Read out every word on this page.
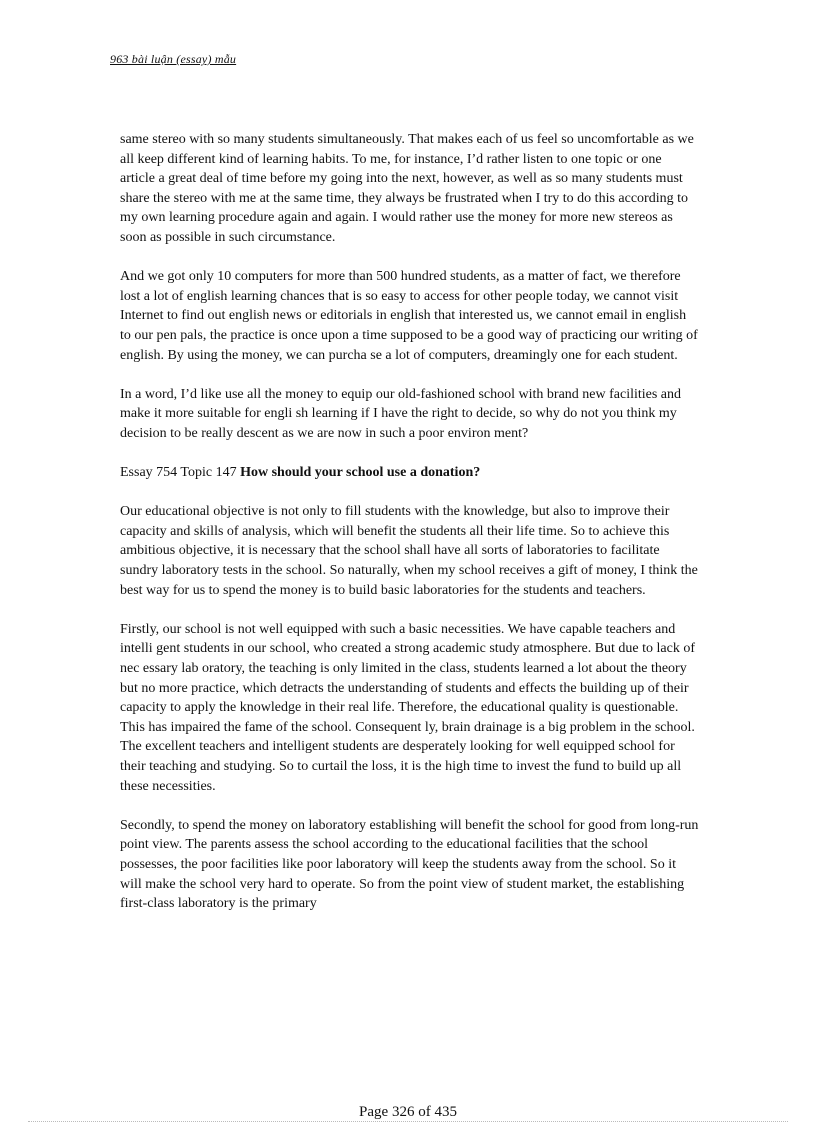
963 bài luận (essay) mẫu

same stereo with so many students simultaneously. That makes each of us feel so uncomfortable as we all keep different kind of learning habits. To me, for instance, I’d rather listen to one topic or one article a great deal of time before my going into the next, however, as well as so many students must share the stereo with me at the same time, they always be frustrated when I try to do this according to my own learning procedure again and again. I would rather use the money for more new stereos as soon as possible in such circumstance.

And we got only 10 computers for more than 500 hundred students, as a matter of fact, we therefore lost a lot of english learning chances that is so easy to access for other people today, we cannot visit Internet to find out english news or editorials in english that interested us, we cannot email in english to our pen pals, the practice is once upon a time supposed to be a good way of practicing our writing of english. By using the money, we can purcha se a lot of computers, dreamingly one for each student.

In a word, I’d like use all the money to equip our old-fashioned school with brand new facilities and make it more suitable for engli sh learning if I have the right to decide, so why do not you think my decision to be really descent as we are now in such a poor environ ment?

Essay 754 Topic 147 How should your school use a donation?

Our educational objective is not only to fill students with the knowledge, but also to improve their capacity and skills of analysis, which will benefit the students all their life time. So to achieve this ambitious objective, it is necessary that the school shall have all sorts of laboratories to facilitate sundry laboratory tests in the school. So naturally, when my school receives a gift of money, I think the best way for us to spend the money is to build basic laboratories for the students and teachers.

Firstly, our school is not well equipped with such a basic necessities. We have capable teachers and intelli gent students in our school, who created a strong academic study atmosphere. But due to lack of nec essary lab oratory, the teaching is only limited in the class, students learned a lot about the theory but no more practice, which detracts the understanding of students and effects the building up of their capacity to apply the knowledge in their real life. Therefore, the educational quality is questionable. This has impaired the fame of the school. Consequent ly, brain drainage is a big problem in the school. The excellent teachers and intelligent students are desperately looking for well equipped school for their teaching and studying. So to curtail the loss, it is the high time to invest the fund to build up all these necessities.

Secondly, to spend the money on laboratory establishing will benefit the school for good from long-run point view. The parents assess the school according to the educational facilities that the school possesses, the poor facilities like poor laboratory will keep the students away from the school. So it will make the school very hard to operate. So from the point view of student market, the establishing first-class laboratory is the primary

Page 326 of 435
